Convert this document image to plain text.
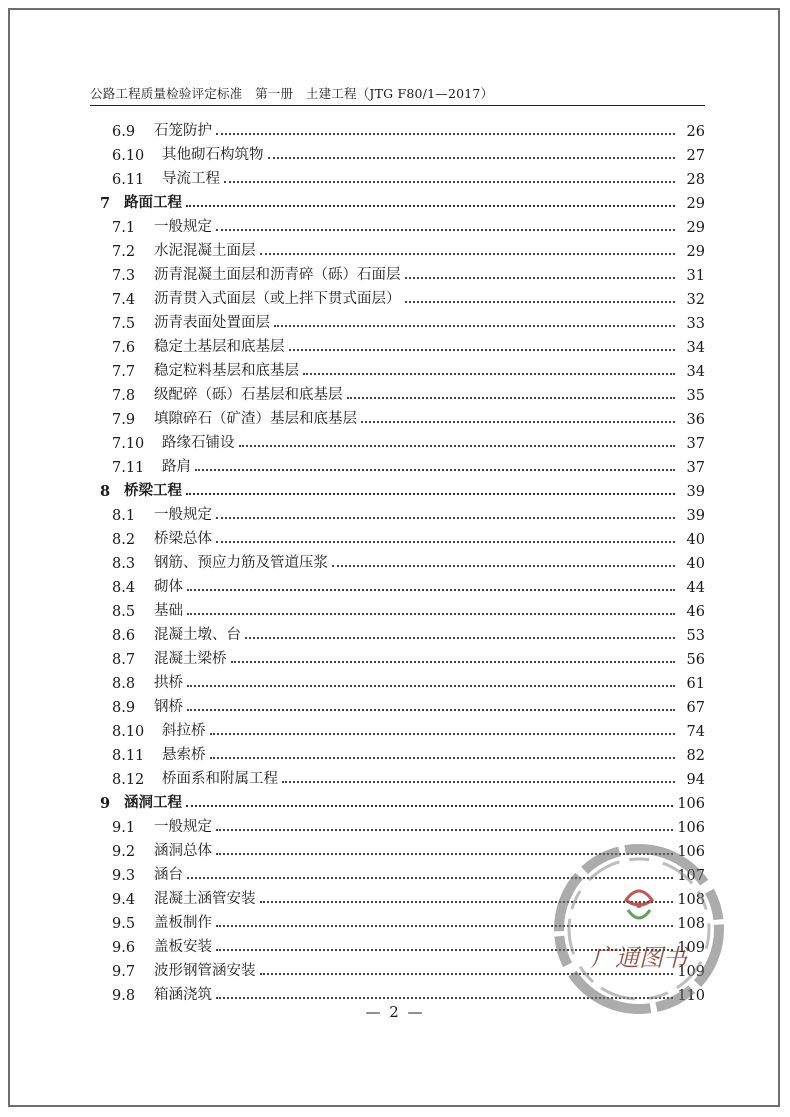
公路工程质量检验评定标准　第一册　土建工程（JTG F80/1—2017）
6.9	石笼防护	26
6.10	其他砌石构筑物	27
6.11	导流工程	28
7 路面工程	29
7.1	一般规定	29
7.2	水泥混凝土面层	29
7.3	沥青混凝土面层和沥青碎（砾）石面层	31
7.4	沥青贯入式面层（或上拌下贯式面层）	32
7.5	沥青表面处置面层	33
7.6	稳定土基层和底基层	34
7.7	稳定粒料基层和底基层	34
7.8	级配碎（砾）石基层和底基层	35
7.9	填隙碎石（矿渣）基层和底基层	36
7.10	路缘石铺设	37
7.11	路肩	37
8 桥梁工程	39
8.1	一般规定	39
8.2	桥梁总体	40
8.3	钢筋、预应力筋及管道压浆	40
8.4	砌体	44
8.5	基础	46
8.6	混凝土墩、台	53
8.7	混凝土梁桥	56
8.8	拱桥	61
8.9	钢桥	67
8.10	斜拉桥	74
8.11	悬索桥	82
8.12	桥面系和附属工程	94
9 涵洞工程	106
9.1	一般规定	106
9.2	涵洞总体	106
9.3	涵台	107
9.4	混凝土涵管安装	108
9.5	盖板制作	108
9.6	盖板安装	109
9.7	波形钢管涵安装	109
9.8	箱涵浇筑	110
— 2 —
广通图书
